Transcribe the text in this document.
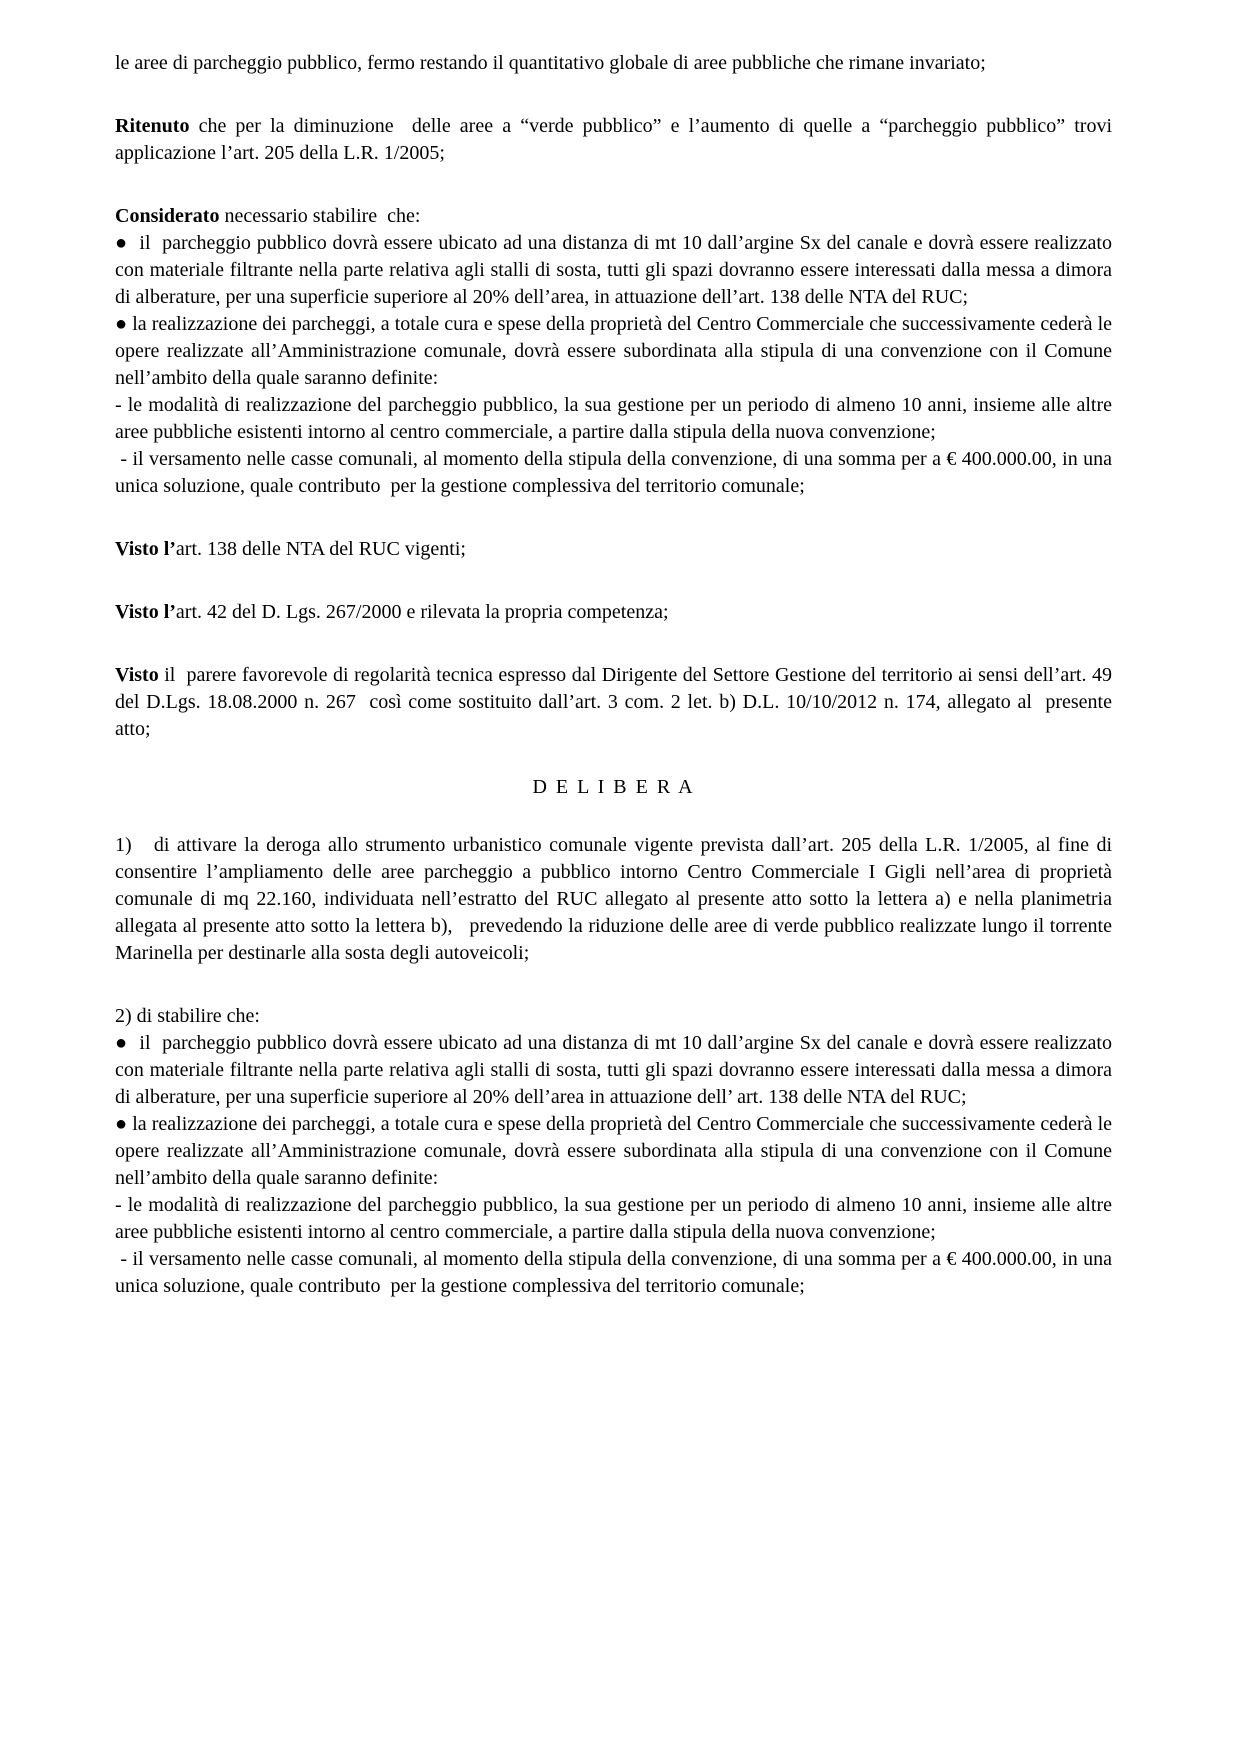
le aree di parcheggio pubblico, fermo restando il quantitativo globale di aree pubbliche che rimane invariato;

Ritenuto che per la diminuzione  delle aree a “verde pubblico” e l’aumento di quelle a “parcheggio pubblico” trovi applicazione l’art. 205 della L.R. 1/2005;

Considerato necessario stabilire  che:

●  il  parcheggio pubblico dovrà essere ubicato ad una distanza di mt 10 dall’argine Sx del canale e dovrà essere realizzato con materiale filtrante nella parte relativa agli stalli di sosta, tutti gli spazi dovranno essere interessati dalla messa a dimora di alberature, per una superficie superiore al 20% dell’area, in attuazione dell’art. 138 delle NTA del RUC;

● la realizzazione dei parcheggi, a totale cura e spese della proprietà del Centro Commerciale che successivamente cederà le opere realizzate all’Amministrazione comunale, dovrà essere subordinata alla stipula di una convenzione con il Comune nell’ambito della quale saranno definite:

- le modalità di realizzazione del parcheggio pubblico, la sua gestione per un periodo di almeno 10 anni, insieme alle altre aree pubbliche esistenti intorno al centro commerciale, a partire dalla stipula della nuova convenzione;

- il versamento nelle casse comunali, al momento della stipula della convenzione, di una somma per a € 400.000.00, in una unica soluzione, quale contributo  per la gestione complessiva del territorio comunale;

Visto l’art. 138 delle NTA del RUC vigenti;

Visto l’art. 42 del D. Lgs. 267/2000 e rilevata la propria competenza;

Visto il  parere favorevole di regolarità tecnica espresso dal Dirigente del Settore Gestione del territorio ai sensi dell’art. 49 del D.Lgs. 18.08.2000 n. 267  così come sostituito dall’art. 3 com. 2 let. b) D.L. 10/10/2012 n. 174, allegato al  presente atto;

D E L I B E R A

1)   di attivare la deroga allo strumento urbanistico comunale vigente prevista dall’art. 205 della L.R. 1/2005, al fine di consentire l’ampliamento delle aree parcheggio a pubblico intorno Centro Commerciale I Gigli nell’area di proprietà comunale di mq 22.160, individuata nell’estratto del RUC allegato al presente atto sotto la lettera a) e nella planimetria allegata al presente atto sotto la lettera b),   prevedendo la riduzione delle aree di verde pubblico realizzate lungo il torrente Marinella per destinarle alla sosta degli autoveicoli;

2) di stabilire che:

●  il  parcheggio pubblico dovrà essere ubicato ad una distanza di mt 10 dall’argine Sx del canale e dovrà essere realizzato con materiale filtrante nella parte relativa agli stalli di sosta, tutti gli spazi dovranno essere interessati dalla messa a dimora di alberature, per una superficie superiore al 20% dell’area in attuazione dell’ art. 138 delle NTA del RUC;

● la realizzazione dei parcheggi, a totale cura e spese della proprietà del Centro Commerciale che successivamente cederà le opere realizzate all’Amministrazione comunale, dovrà essere subordinata alla stipula di una convenzione con il Comune nell’ambito della quale saranno definite:

- le modalità di realizzazione del parcheggio pubblico, la sua gestione per un periodo di almeno 10 anni, insieme alle altre aree pubbliche esistenti intorno al centro commerciale, a partire dalla stipula della nuova convenzione;

- il versamento nelle casse comunali, al momento della stipula della convenzione, di una somma per a € 400.000.00, in una unica soluzione, quale contributo  per la gestione complessiva del territorio comunale;
